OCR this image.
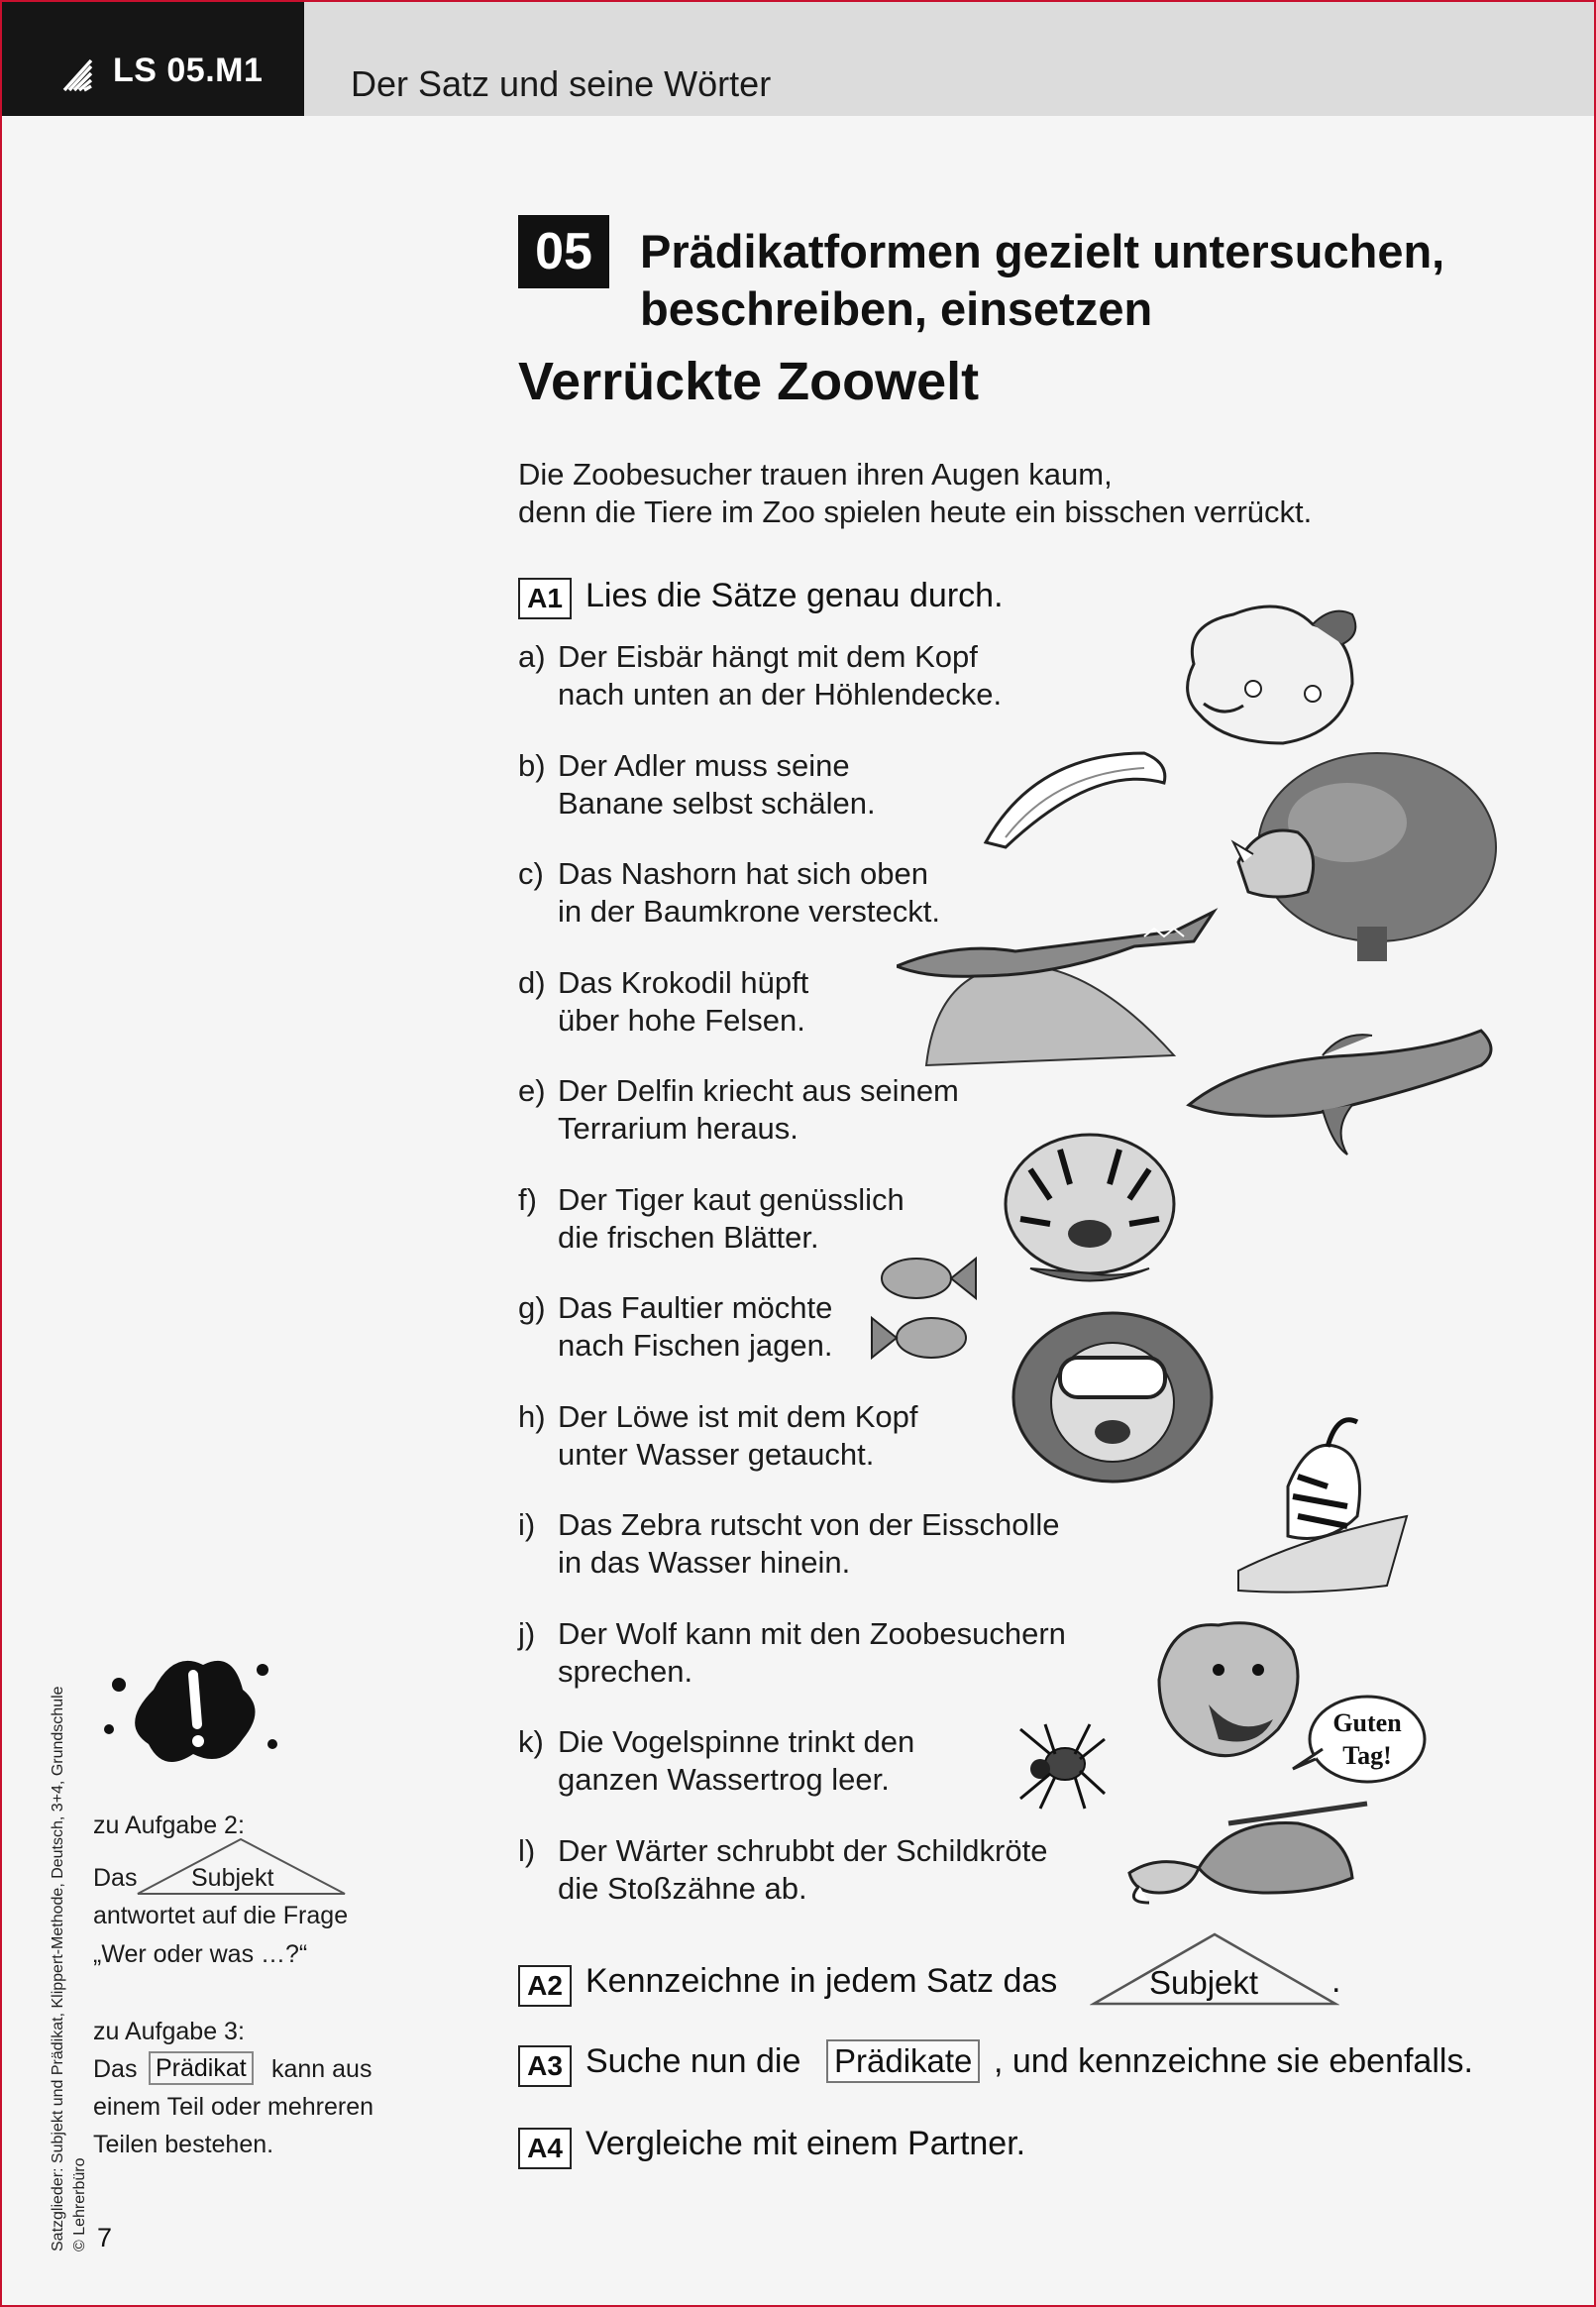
LS 05.M1 Der Satz und seine Wörter
05	Prädikatformen gezielt untersuchen,
beschreiben, einsetzen
Verrückte Zoowelt
Die Zoobesucher trauen ihren Augen kaum,
denn die Tiere im Zoo spielen heute ein bisschen verrückt.
A1 Lies die Sätze genau durch.
a) Der Eisbär hängt mit dem Kopf
nach unten an der Höhlendecke.
b) Der Adler muss seine
Banane selbst schälen.
c) Das Nashorn hat sich oben
in der Baumkrone versteckt.
d) Das Krokodil hüpft
über hohe Felsen.
e) Der Delfin kriecht aus seinem
Terrarium heraus.
f) Der Tiger kaut genüsslich
die frischen Blätter.
g) Das Faultier möchte
nach Fischen jagen.
h) Der Löwe ist mit dem Kopf
unter Wasser getaucht.
i) Das Zebra rutscht von der Eisscholle
in das Wasser hinein.
j) Der Wolf kann mit den Zoobesuchern
sprechen.
k) Die Vogelspinne trinkt den
ganzen Wassertrog leer.
l) Der Wärter schrubbt der Schildkröte
die Stoßzähne ab.
A2 Kennzeichne in jedem Satz das	Subjekt .
A3 Suche nun die Prädikate , und kennzeichne sie ebenfalls.
A4 Vergleiche mit einem Partner.
Guten
Tag!
zu Aufgabe 2:
Das Subjekt
antwortet auf die Frage
„Wer oder was …?“
zu Aufgabe 3:
Das Prädikat kann aus
einem Teil oder mehreren
Teilen bestehen.
Satzglieder: Subjekt und Prädikat, Klippert-Methode, Deutsch, 3+4, Grundschule © Lehrerbüro 7
